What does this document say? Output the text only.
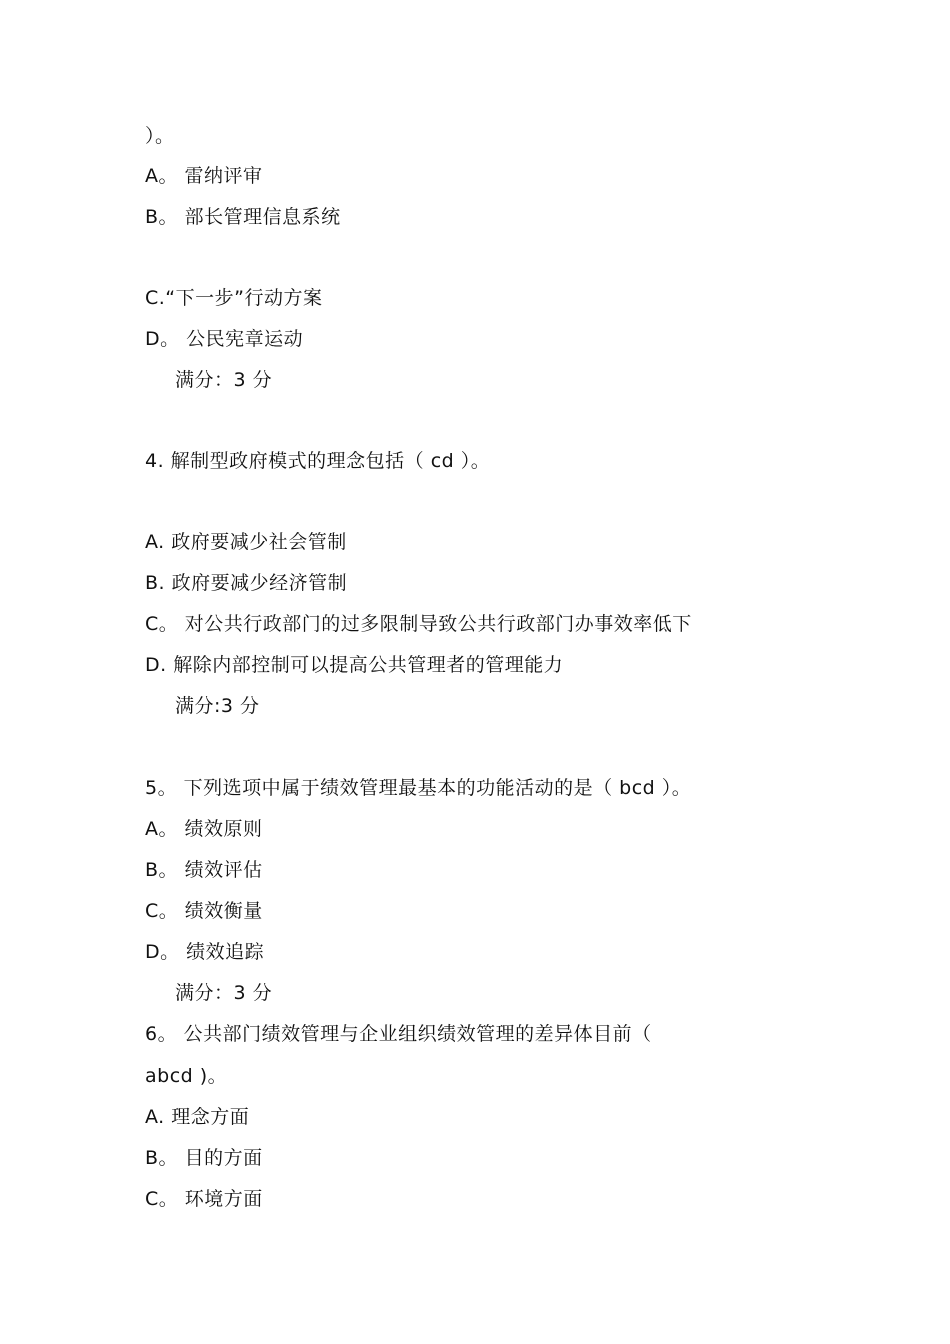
）。
A。 雷纳评审
B。 部长管理信息系统
C.“下一步”行动方案
D。 公民宪章运动
满分：3 分
4. 解制型政府模式的理念包括（ cd ）。
A. 政府要减少社会管制
B. 政府要减少经济管制
C。 对公共行政部门的过多限制导致公共行政部门办事效率低下
D. 解除内部控制可以提高公共管理者的管理能力
满分:3 分
5。 下列选项中属于绩效管理最基本的功能活动的是（ bcd ）。
A。 绩效原则
B。 绩效评估
C。 绩效衡量
D。 绩效追踪
满分：3 分
6。 公共部门绩效管理与企业组织绩效管理的差异体目前（
abcd )。
A. 理念方面
B。 目的方面
C。 环境方面
